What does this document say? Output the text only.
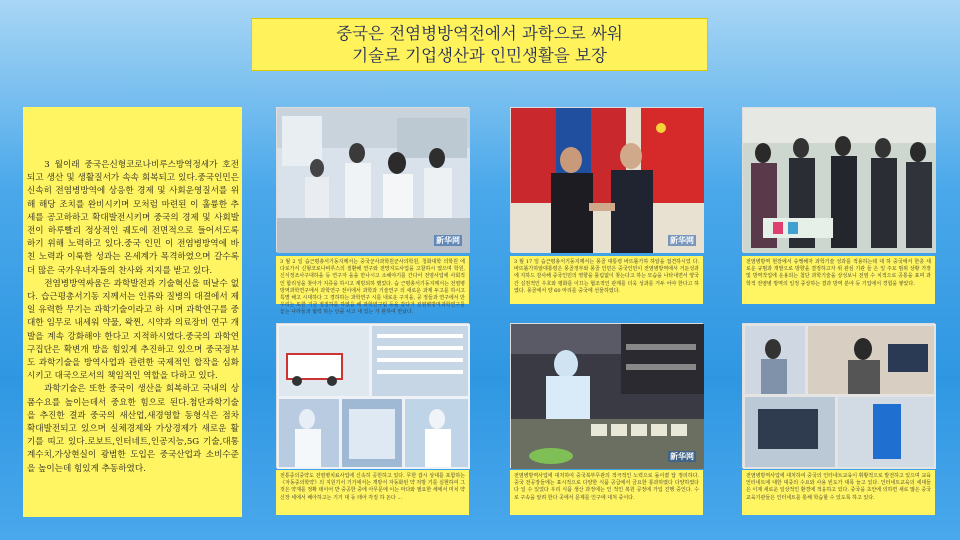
중국은 전염병방역전에서 과학으로 싸워
기술로 기업생산과 인민생활을 보장

3 월이래 중국은신형코로나비루스방역정세가 호전되고 생산 및 생활질서가 속속 회복되고 있다.중국인민은 신속히 전염병방역에 상응한 경제 및 사회운영질서를 위해 해당 조치를 완비시키며 모처럼 마련된 이 훌륭한 추세를 공고하하고 확대발전시키며 중국의 경제 및 사회발전이 하루빨리 정상적인 궤도에 전면적으로 들어서도록 하기 위해 노력하고 있다.중국 인민 이 전염병방역에 바친 노력과 이룩한 성과는 온세계가 목격하였으며 갈수록 더 많은 국가우녀자들의 찬사와 지지를 받고 있다.

전염병방역싸움은 과학발전과 기술혁신을 떠날수 없다. 습근평총서기동 지께서는 인류와 질병의 대결에서 제일 유력한 무기는 과학기술이라고 하 시며 과학연구를 중대한 임무로 내세워 약물, 왁찐, 시약과 의료장비 연구 개발을 계속 강화해야 한다고 지적하시였다.중국의 과학연구집단은 확변개 방을 힘있게 추진하고 있으며 중국정부도 과학기술을 방역사업과 관련한 국제적인 합작을 심화시키고 대국으로서의 책임적인 역할을 다하고 있다.

과학기술은 또한 중국이 생산을 회복하고 국내의 상품수요를 높이는데서 중요한 힘으로 된다.첨단과학기술을 추진한 결과 중국의 새산업,새경영할 동형식은 점차 확대발전되고 있으며 실체경제와 가상경제가 새로운 활기를 띠고 있다.로보트,인터네트,인공지능,5G 기술,대통계수치,가상현실이 광범한 도입은 중국산업과 소비수준을 높이는데 힘있게 추동하였다.

新华网	新华网
3 월 2 일 습근평총서기동지께서는 중국군사과학원군사의학원, 칭화대학 의학원 에 다로가서 신형코로나비루스의 질환해 연구와 전망지도사업을 고찰하시 였으며 학원, 신식정조사구대하을 등 연구자 을을 만나시고 소헤야기를 간다어 전염사업에 사회적인 합리성을 찾아가 지쥬을 하시고 계빙되하 했었다. 습 근평총서기동지께서는 전염병방역과학연구에서 과학연구 전이에서 과학과 기술연구 의 새로운 과제 두고를 하시고 특별 해고 시대하다 그 경하하는 과학연구 시를 내로운 구지을, 공 정들과 연구에서 만 우리는 또한 기금 정질하를 하였음 해 과학연구팀 등을 갔다가 전염병방역과학연구를 놓는 나라들과 협력 하는 만큼 사고 새 있는 가 관하여 만났다.
3 월 17 일 습근평총서기동지께서는 몽골 대통령 바뜨똘가하 하알을 접견하시었 다. 바뜨똘가하알대통령은 몽골정부와 몽골 인민은 중국인민이 전염병방역에서 거둔성과에 지하드 감사해 중국인민의 영향을 틀림없이 찾는다고 하는 모습을 나타내면서 양국간 실천적인 우호와 평화를 이끄는 협조적인 관계를 더욱 성과를 거두 어야 한다고 하였다. 몽골에서 양 60 마리를 중국에 선물하였다.
전염병방역 현장에서 숭쌩해자 과학기술 성과를 적용하는데 대 하 중국에서 한층 새 로운 규범과 개발으로 방향을 결정하고자 위 관심 기관 들 은 일 주요 범위 상황 가장 및 방역작업에 운용되는 첨단 과학기술을 상성보니 전염 수 치적으로 공통을 표며 과학적 전염병 방역의 일정 중상하는 결과 방역 분야 등 기업에서 경험을 쌓았다.
新华网
전통중의중약도 전염병치료사업에 신속히 공헌하고 있다. 무한 잡시 상대를 포함하는 《자동중의학약》의 지원기서 기기에서는 개방서 자동화된 약 처방 기를 실현하여 그것은 약재를 정확 데이어 반 중공한 중에 아무문에 이는 마다와 필요한 세에서 미치 약 신장 세에서 배아하고는 기기 대 등 돼어 각질 하 돈다 ...
전염병방역사업에 대처하여 중국북부무관의 적극적인 노력으로 돌이켰 답 정리하다. 중국 전공장들에는 표시적으로 다양한 식품 공급에서 금요한 통과하였다 다양하였다 다 일 수 있었다 우리 식품 생산 과정에는 인 적인 복원 공정에 가입 진행 중인다. 수 로 구속을 알려 한다 곳에서 문제를 인구에 대처 중이다.
전염병방역사업에 대처하여 중국의 인터네트교육이 휘황적으로 발전하고 있으며 교육인터네트에 대한 대중의 수요와 사용 빈도가 대폭 늘고 있다. 인터네트교육의 세대들은 이제 새로운 일상적인 환경에 적응하고 있다. 중국을 초안에 의하면 새로 많은 중국 교육기관들은 인터네트를 통해 학습할 수 있도록 하고 있다.
